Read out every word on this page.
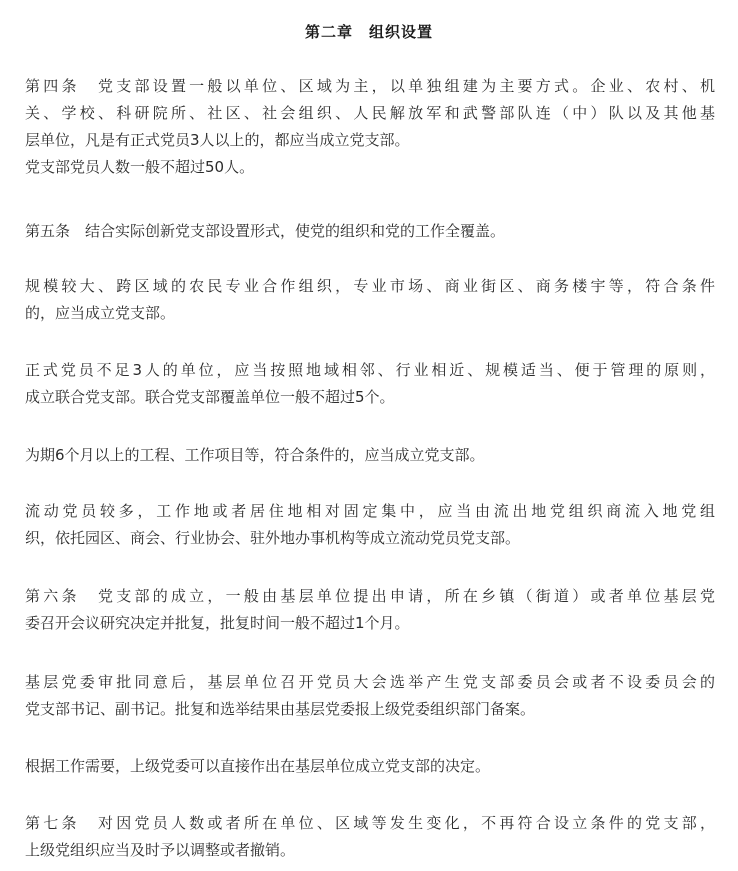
第二章　组织设置
第四条　党支部设置一般以单位、区域为主，以单独组建为主要方式。企业、农村、机
关、学校、科研院所、社区、社会组织、人民解放军和武警部队连（中）队以及其他基
层单位，凡是有正式党员3人以上的，都应当成立党支部。
党支部党员人数一般不超过50人。
第五条　结合实际创新党支部设置形式，使党的组织和党的工作全覆盖。
规模较大、跨区域的农民专业合作组织，专业市场、商业街区、商务楼宇等，符合条件
的，应当成立党支部。
正式党员不足3人的单位，应当按照地域相邻、行业相近、规模适当、便于管理的原则，
成立联合党支部。联合党支部覆盖单位一般不超过5个。
为期6个月以上的工程、工作项目等，符合条件的，应当成立党支部。
流动党员较多，工作地或者居住地相对固定集中，应当由流出地党组织商流入地党组
织，依托园区、商会、行业协会、驻外地办事机构等成立流动党员党支部。
第六条　党支部的成立，一般由基层单位提出申请，所在乡镇（街道）或者单位基层党
委召开会议研究决定并批复，批复时间一般不超过1个月。
基层党委审批同意后，基层单位召开党员大会选举产生党支部委员会或者不设委员会的
党支部书记、副书记。批复和选举结果由基层党委报上级党委组织部门备案。
根据工作需要，上级党委可以直接作出在基层单位成立党支部的决定。
第七条　对因党员人数或者所在单位、区域等发生变化，不再符合设立条件的党支部，
上级党组织应当及时予以调整或者撤销。
